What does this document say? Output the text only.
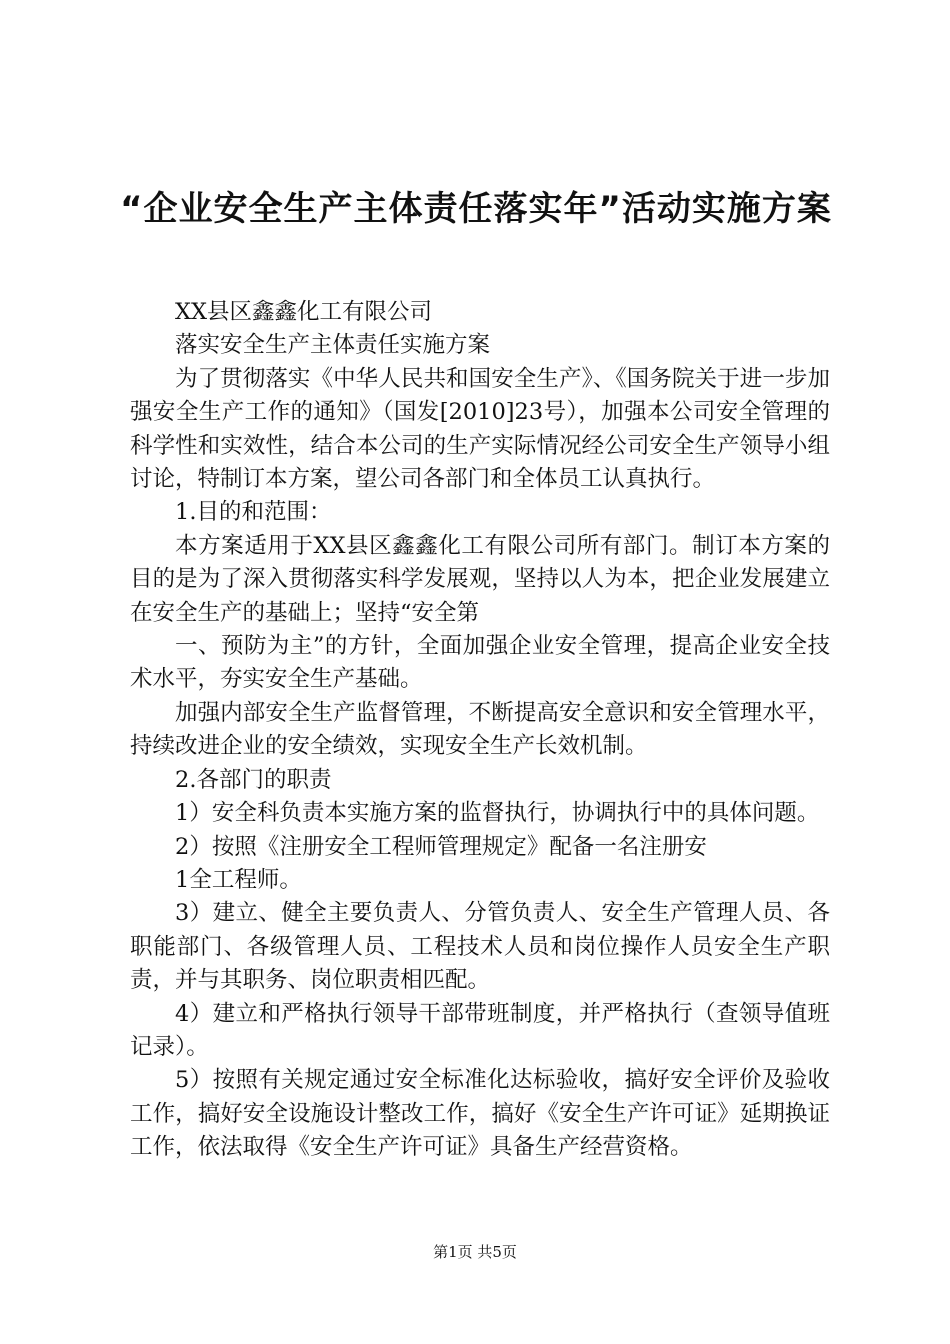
“企业安全生产主体责任落实年”活动实施方案

XX县区鑫鑫化工有限公司

落实安全生产主体责任实施方案

为了贯彻落实《中华人民共和国安全生产》、《国务院关于进一步加强安全生产工作的通知》（国发[2010]23号），加强本公司安全管理的科学性和实效性，结合本公司的生产实际情况经公司安全生产领导小组讨论，特制订本方案，望公司各部门和全体员工认真执行。

1.目的和范围：

本方案适用于XX县区鑫鑫化工有限公司所有部门。制订本方案的目的是为了深入贯彻落实科学发展观，坚持以人为本，把企业发展建立在安全生产的基础上；坚持“安全第

一、预防为主”的方针，全面加强企业安全管理，提高企业安全技术水平，夯实安全生产基础。

加强内部安全生产监督管理，不断提高安全意识和安全管理水平，持续改进企业的安全绩效，实现安全生产长效机制。

2.各部门的职责

1）安全科负责本实施方案的监督执行，协调执行中的具体问题。

2）按照《注册安全工程师管理规定》配备一名注册安

1全工程师。

3）建立、健全主要负责人、分管负责人、安全生产管理人员、各职能部门、各级管理人员、工程技术人员和岗位操作人员安全生产职责，并与其职务、岗位职责相匹配。

4）建立和严格执行领导干部带班制度，并严格执行（查领导值班记录）。

5）按照有关规定通过安全标准化达标验收，搞好安全评价及验收工作，搞好安全设施设计整改工作，搞好《安全生产许可证》延期换证工作，依法取得《安全生产许可证》具备生产经营资格。

第1页 共5页
